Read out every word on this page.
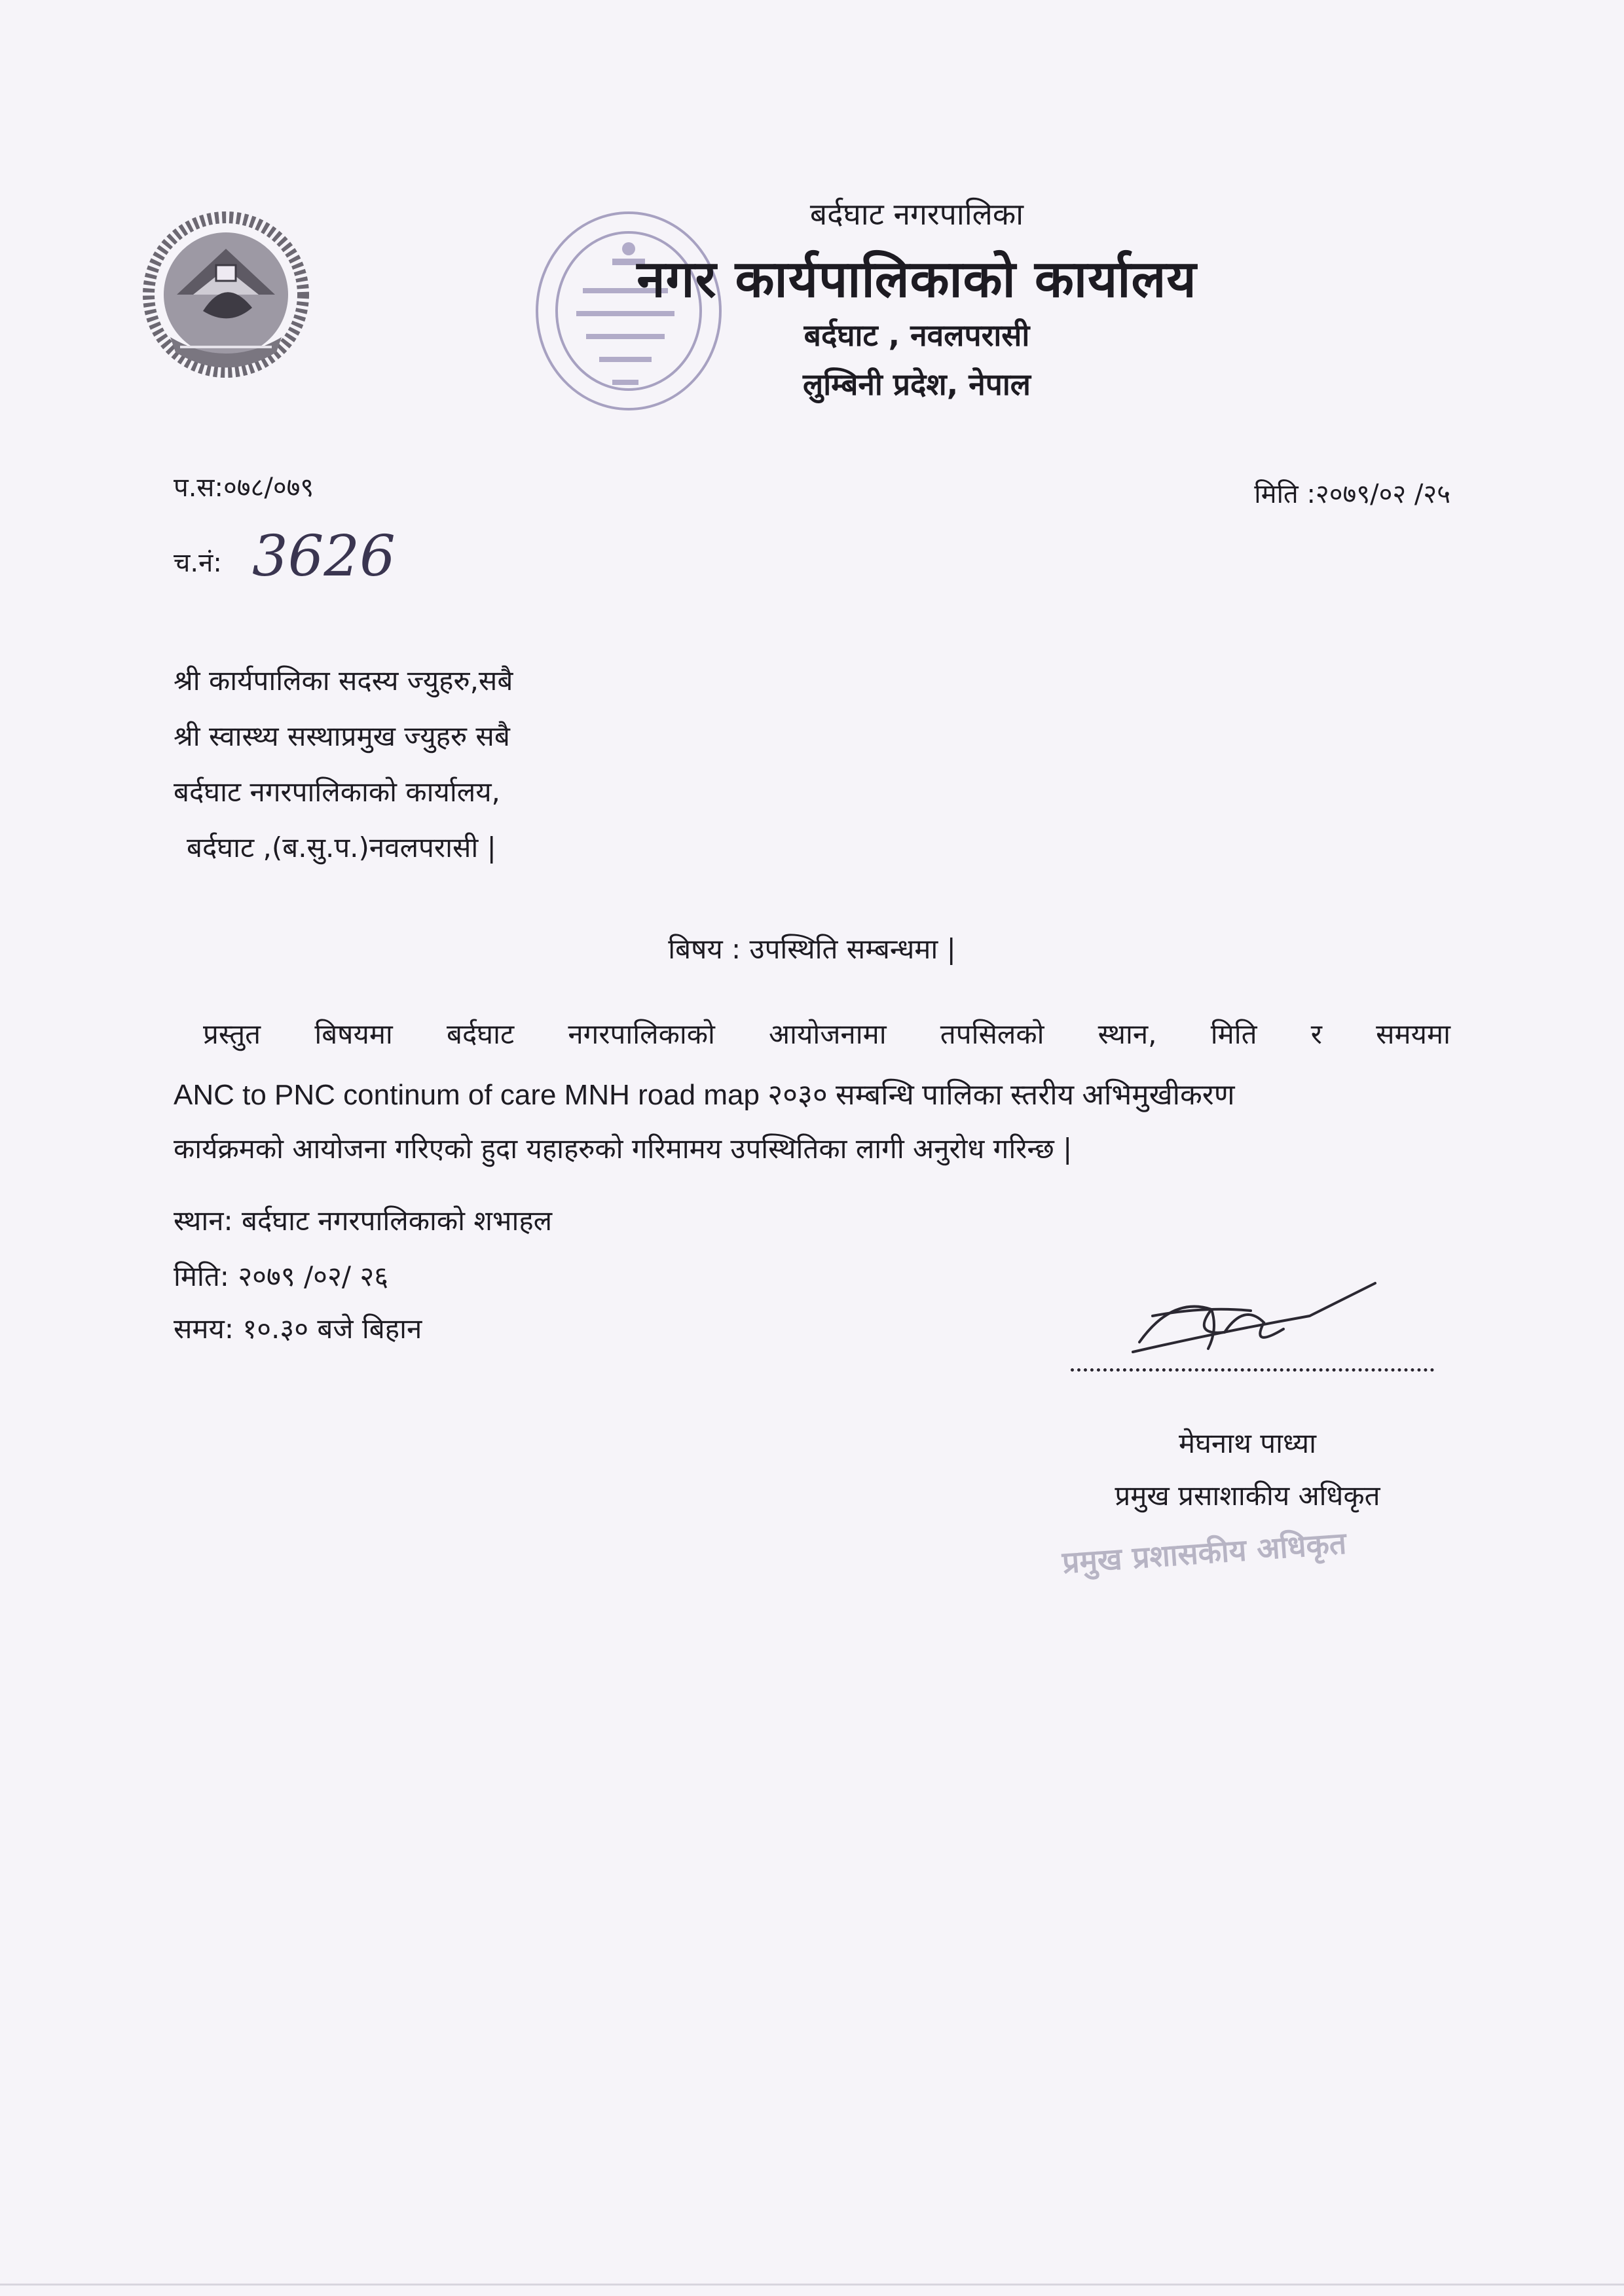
बर्दघाट नगरपालिका
नगर कार्यपालिकाको कार्यालय
बर्दघाट , नवलपरासी
लुम्बिनी प्रदेश, नेपाल
प.स:०७८/०७९	मिति :२०७९/०२ /२५
च.नं: 3626
श्री कार्यपालिका सदस्य ज्युहरु,सबै
श्री स्वास्थ्य सस्थाप्रमुख ज्युहरु सबै
बर्दघाट नगरपालिकाको कार्यालय,
बर्दघाट ,(ब.सु.प.)नवलपरासी |
बिषय : उपस्थिति सम्बन्धमा |
प्रस्तुत बिषयमा बर्दघाट नगरपालिकाको आयोजनामा तपसिलको स्थान, मिति र समयमा
ANC to PNC continum of care MNH road map २०३० सम्बन्धि पालिका स्तरीय अभिमुखीकरण
कार्यक्रमको आयोजना गरिएको हुदा यहाहरुको गरिमामय उपस्थितिका लागी अनुरोध गरिन्छ |
स्थान: बर्दघाट नगरपालिकाको शभाहल
मिति: २०७९ /०२/ २६
समय: १०.३० बजे बिहान
मेघनाथ पाध्या
प्रमुख प्रसाशाकीय अधिकृत
प्रमुख प्रशासकीय अधिकृत
